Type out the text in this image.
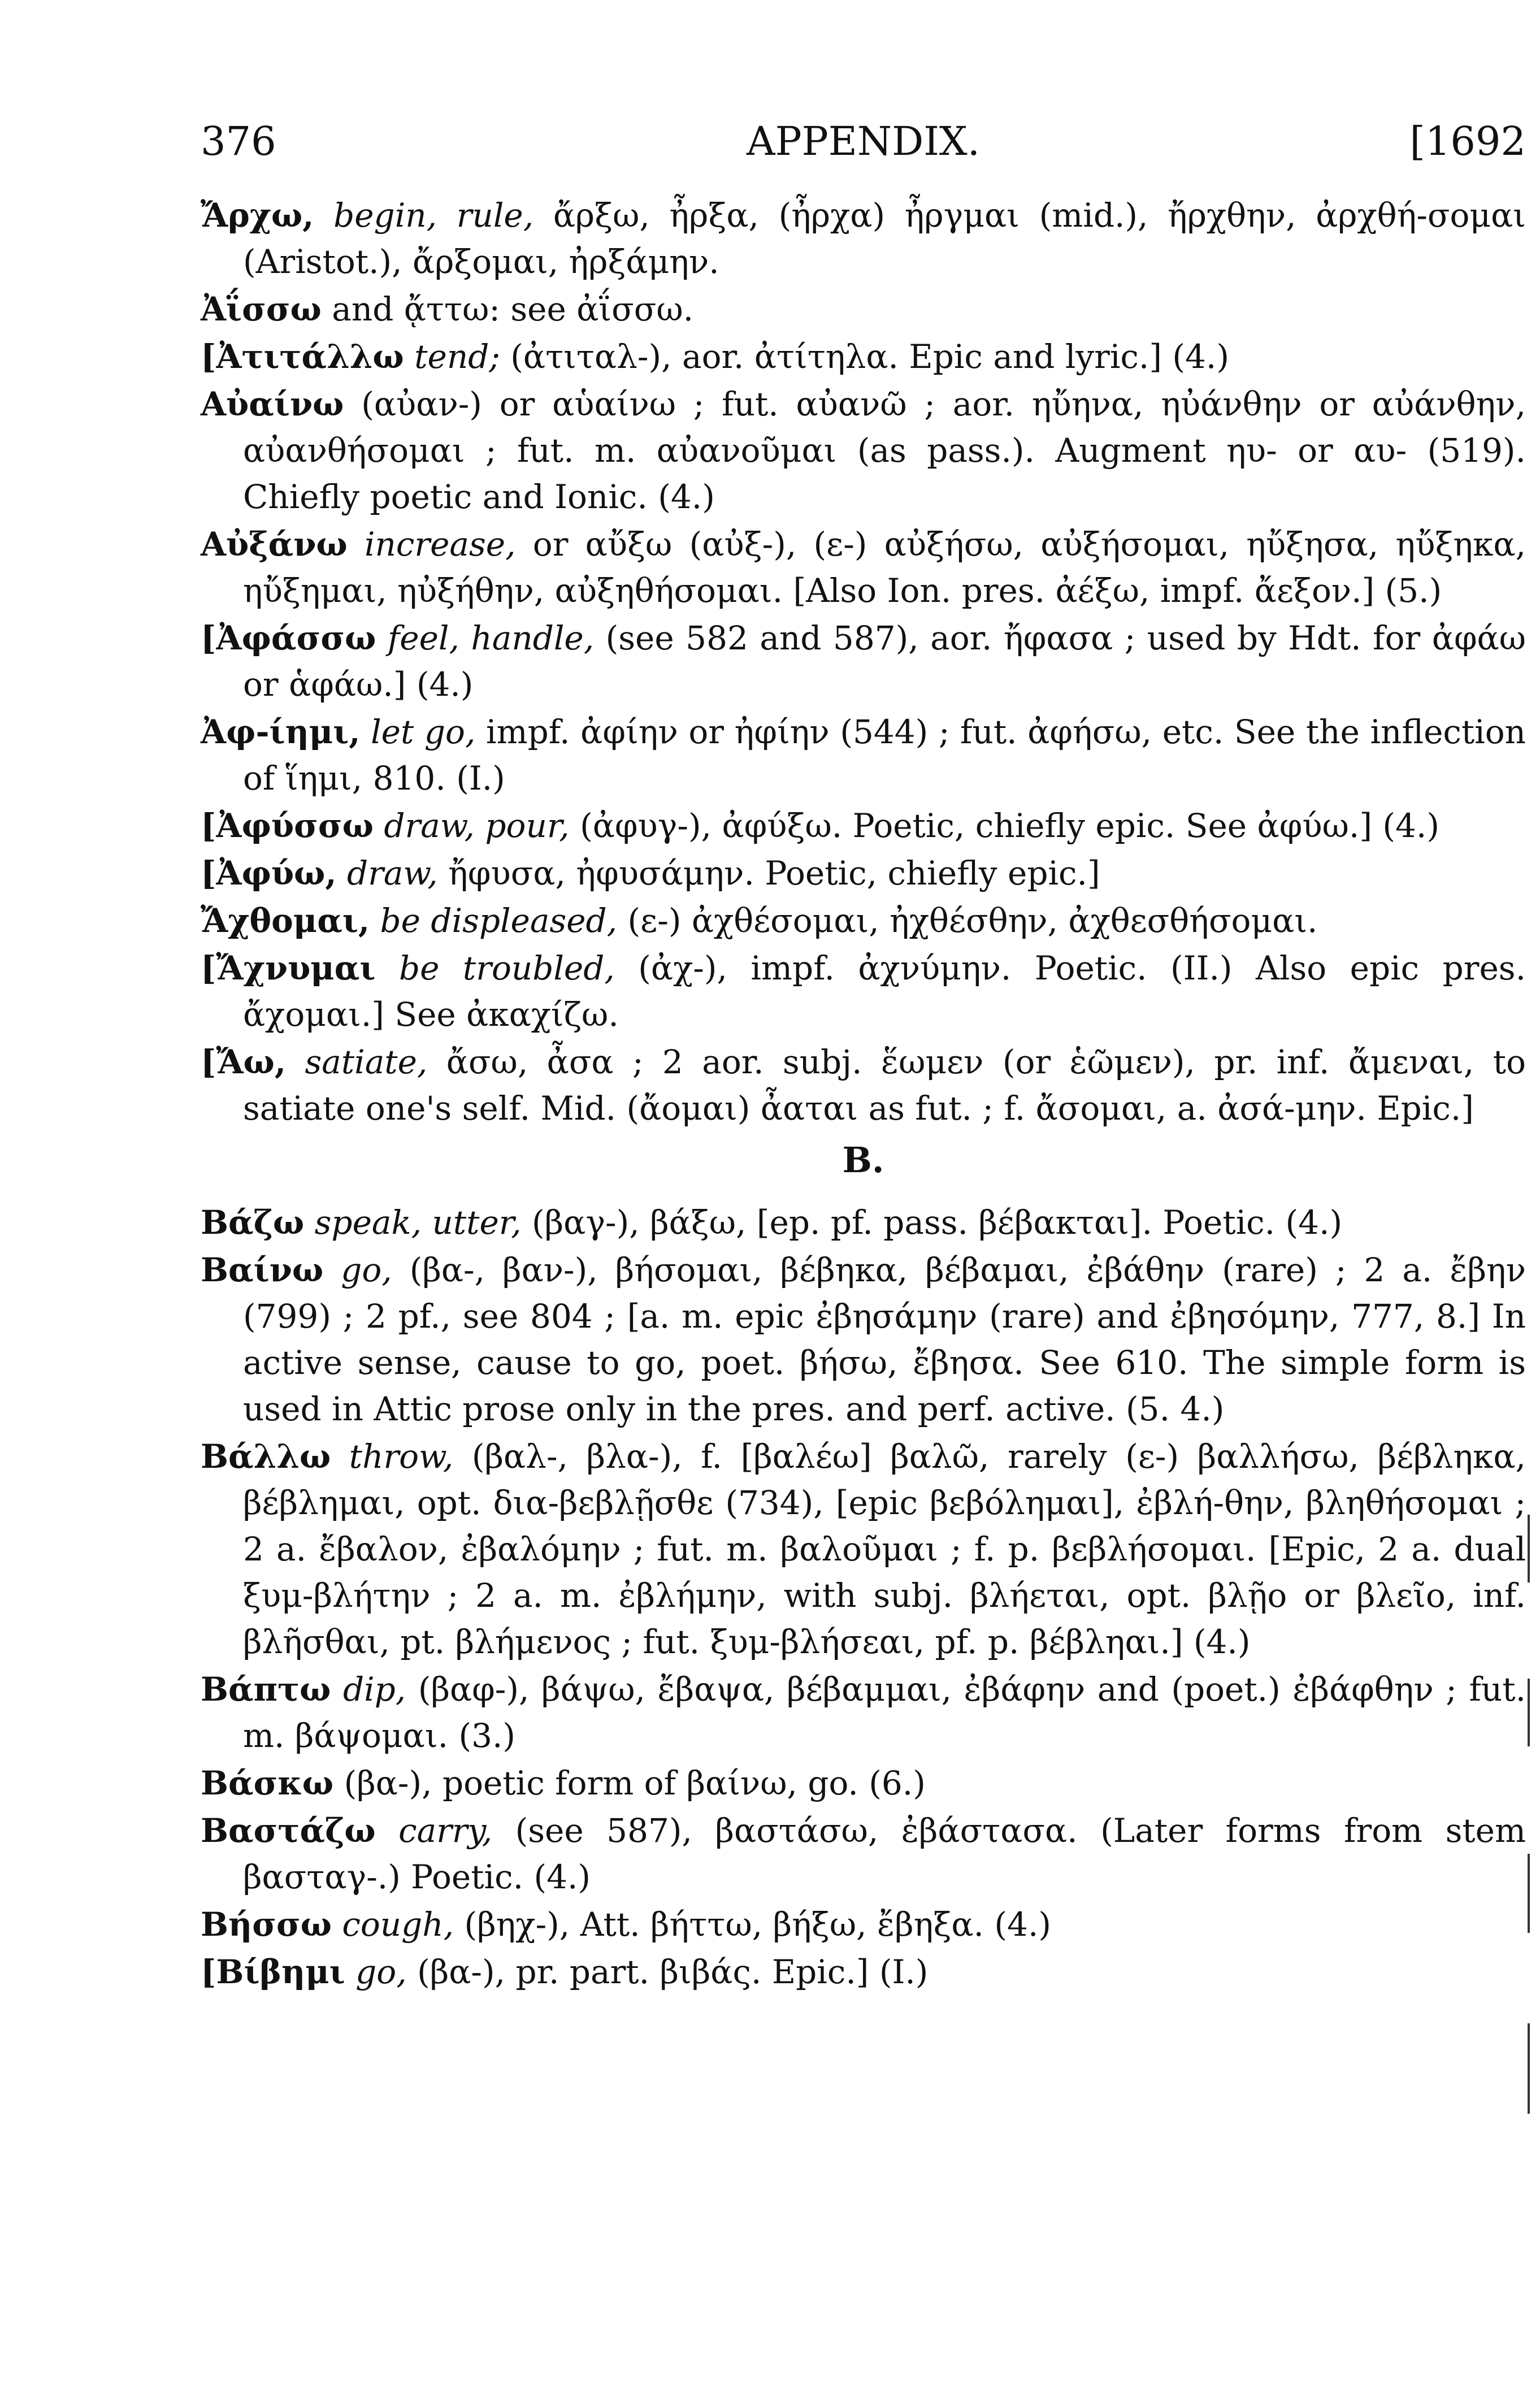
376	APPENDIX.	[1692

Ἄρχω, begin, rule, ἄρξω, ἦρξα, (ἦρχα) ἦργμαι (mid.), ἤρχθην, ἀρχθή-σομαι (Aristot.), ἄρξομαι, ἠρξάμην.

Ἀΐσσω and ᾄττω: see ἀΐσσω.

[Ἀτιτάλλω tend; (ἀτιταλ-), aor. ἀτίτηλα. Epic and lyric.] (4.)

Αὐαίνω (αὐαν-) or αὑαίνω ; fut. αὐανῶ ; aor. ηὔηνα, ηὐάνθην or αὐάνθην, αὐανθήσομαι ; fut. m. αὐανοῦμαι (as pass.). Augment ηυ- or αυ- (519). Chiefly poetic and Ionic. (4.)

Αὐξάνω increase, or αὔξω (αὐξ-), (ε-) αὐξήσω, αὐξήσομαι, ηὔξησα, ηὔξηκα, ηὔξημαι, ηὐξήθην, αὐξηθήσομαι. [Also Ion. pres. ἀέξω, impf. ἄεξον.] (5.)

[Ἀφάσσω feel, handle, (see 582 and 587), aor. ἤφασα ; used by Hdt. for ἀφάω or ἁφάω.] (4.)

Ἀφ-ίημι, let go, impf. ἀφίην or ἠφίην (544) ; fut. ἀφήσω, etc. See the inflection of ἵημι, 810. (I.)

[Ἀφύσσω draw, pour, (ἀφυγ-), ἀφύξω. Poetic, chiefly epic. See ἀφύω.] (4.)

[Ἀφύω, draw, ἤφυσα, ἠφυσάμην. Poetic, chiefly epic.]

Ἄχθομαι, be displeased, (ε-) ἀχθέσομαι, ἠχθέσθην, ἀχθεσθήσομαι.

[Ἄχνυμαι be troubled, (ἀχ-), impf. ἀχνύμην. Poetic. (II.) Also epic pres. ἄχομαι.] See ἀκαχίζω.

[Ἄω, satiate, ἄσω, ἆσα ; 2 aor. subj. ἕωμεν (or ἑῶμεν), pr. inf. ἄμεναι, to satiate one's self. Mid. (ἄομαι) ἆαται as fut. ; f. ἄσομαι, a. ἀσά-μην. Epic.]

B.

Βάζω speak, utter, (βαγ-), βάξω, [ep. pf. pass. βέβακται]. Poetic. (4.)

Βαίνω go, (βα-, βαν-), βήσομαι, βέβηκα, βέβαμαι, ἐβάθην (rare) ; 2 a. ἔβην (799) ; 2 pf., see 804 ; [a. m. epic ἐβησάμην (rare) and ἐβησόμην, 777, 8.] In active sense, cause to go, poet. βήσω, ἔβησα. See 610. The simple form is used in Attic prose only in the pres. and perf. active. (5. 4.)

Βάλλω throw, (βαλ-, βλα-), f. [βαλέω] βαλῶ, rarely (ε-) βαλλήσω, βέβληκα, βέβλημαι, opt. δια-βεβλῇσθε (734), [epic βεβόλημαι], ἐβλή-θην, βληθήσομαι ; 2 a. ἔβαλον, ἐβαλόμην ; fut. m. βαλοῦμαι ; f. p. βεβλήσομαι. [Epic, 2 a. dual ξυμ-βλήτην ; 2 a. m. ἐβλήμην, with subj. βλήεται, opt. βλῇο or βλεῖο, inf. βλῆσθαι, pt. βλήμενος ; fut. ξυμ-βλήσεαι, pf. p. βέβληαι.] (4.)

Βάπτω dip, (βαφ-), βάψω, ἔβαψα, βέβαμμαι, ἐβάφην and (poet.) ἐβάφθην ; fut. m. βάψομαι. (3.)

Βάσκω (βα-), poetic form of βαίνω, go. (6.)

Βαστάζω carry, (see 587), βαστάσω, ἐβάστασα. (Later forms from stem βασταγ-.) Poetic. (4.)

Βήσσω cough, (βηχ-), Att. βήττω, βήξω, ἔβηξα. (4.)

[Βίβημι go, (βα-), pr. part. βιβάς. Epic.] (I.)
